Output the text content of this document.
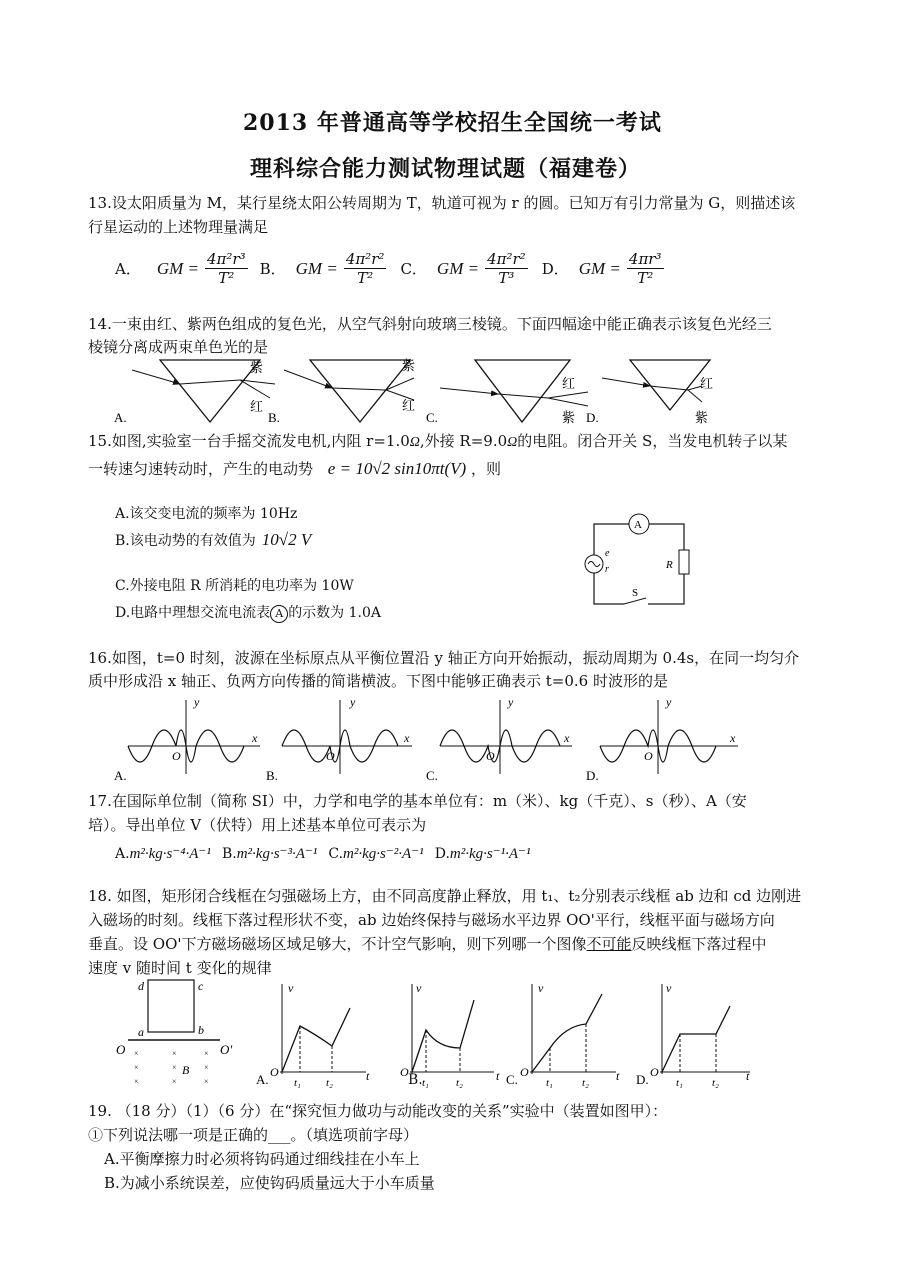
2013 年普通高等学校招生全国统一考试
理科综合能力测试物理试题（福建卷）
13.设太阳质量为 M，某行星绕太阳公转周期为 T，轨道可视为 r 的圆。已知万有引力常量为 G，则描述该
行星运动的上述物理量满足
A． GM = $\frac{\text{4π²r³}}{\text{T²}}$ B． GM = $\frac{\text{4π²r²}}{\text{T²}}$ C． GM = $\frac{\text{4π²r²}}{\text{T³}}$ D． GM = $\frac{\text{4πr³}}{\text{T²}}$
14.一束由红、紫两色组成的复色光，从空气斜射向玻璃三棱镜。下面四幅途中能正确表示该复色光经三
棱镜分离成两束单色光的是
紫
红
A.
紫
红
B.
红
紫
C.
红
紫
D.
15.如图,实验室一台手摇交流发电机,内阻 r=1.0Ω,外接 R=9.0Ω的电阻。闭合开关 S，当发电机转子以某
一转速匀速转动时，产生的电动势 e = 10√2 sin10πt(V) ，则
A.该交变电流的频率为 10Hz
B.该电动势的有效值为 10√2 V
C.外接电阻 R 所消耗的电功率为 10W
D.电路中理想交流电流表 A 的示数为 1.0A
A
e
r	R
S
16.如图，t=0 时刻，波源在坐标原点从平衡位置沿 y 轴正方向开始振动，振动周期为 0.4s，在同一均匀介
质中形成沿 x 轴正、负两方向传播的简谐横波。下图中能够正确表示 t=0.6 时波形的是
y
x
O
A.
y
x
O
B.
y
x
O
C.
y
x
O
D.
17.在国际单位制（简称 SI）中，力学和电学的基本单位有：m（米）、kg（千克）、s（秒）、A（安
培）。导出单位 V（伏特）用上述基本单位可表示为
A.m²·kg·s⁻⁴·A⁻¹ B.m²·kg·s⁻³·A⁻¹ C.m²·kg·s⁻²·A⁻¹ D.m²·kg·s⁻¹·A⁻¹
18. 如图，矩形闭合线框在匀强磁场上方，由不同高度静止释放，用 t₁、t₂分别表示线框 ab 边和 cd 边刚进
入磁场的时刻。线框下落过程形状不变，ab 边始终保持与磁场水平边界 OO'平行，线框平面与磁场方向
垂直。设 OO'下方磁场磁场区域足够大，不计空气影响，则下列哪一个图像不可能反映线框下落过程中
速度 v 随时间 t 变化的规律
d	c
a	b
O	O'
×	×	×
×	×	×
×	×	×
B
v
t
O
t₁ t₂
A.
v
t
O
t₁ t₂
v
t
O
t₁	t₂
C.
v
t
O
t₁	t₂
D.
B.
19. （18 分）（1）（6 分）在“探究恒力做功与动能改变的关系”实验中（装置如图甲）：
①下列说法哪一项是正确的___。（填选项前字母）
A.平衡摩擦力时必须将钩码通过细线挂在小车上
B.为减小系统误差，应使钩码质量远大于小车质量
